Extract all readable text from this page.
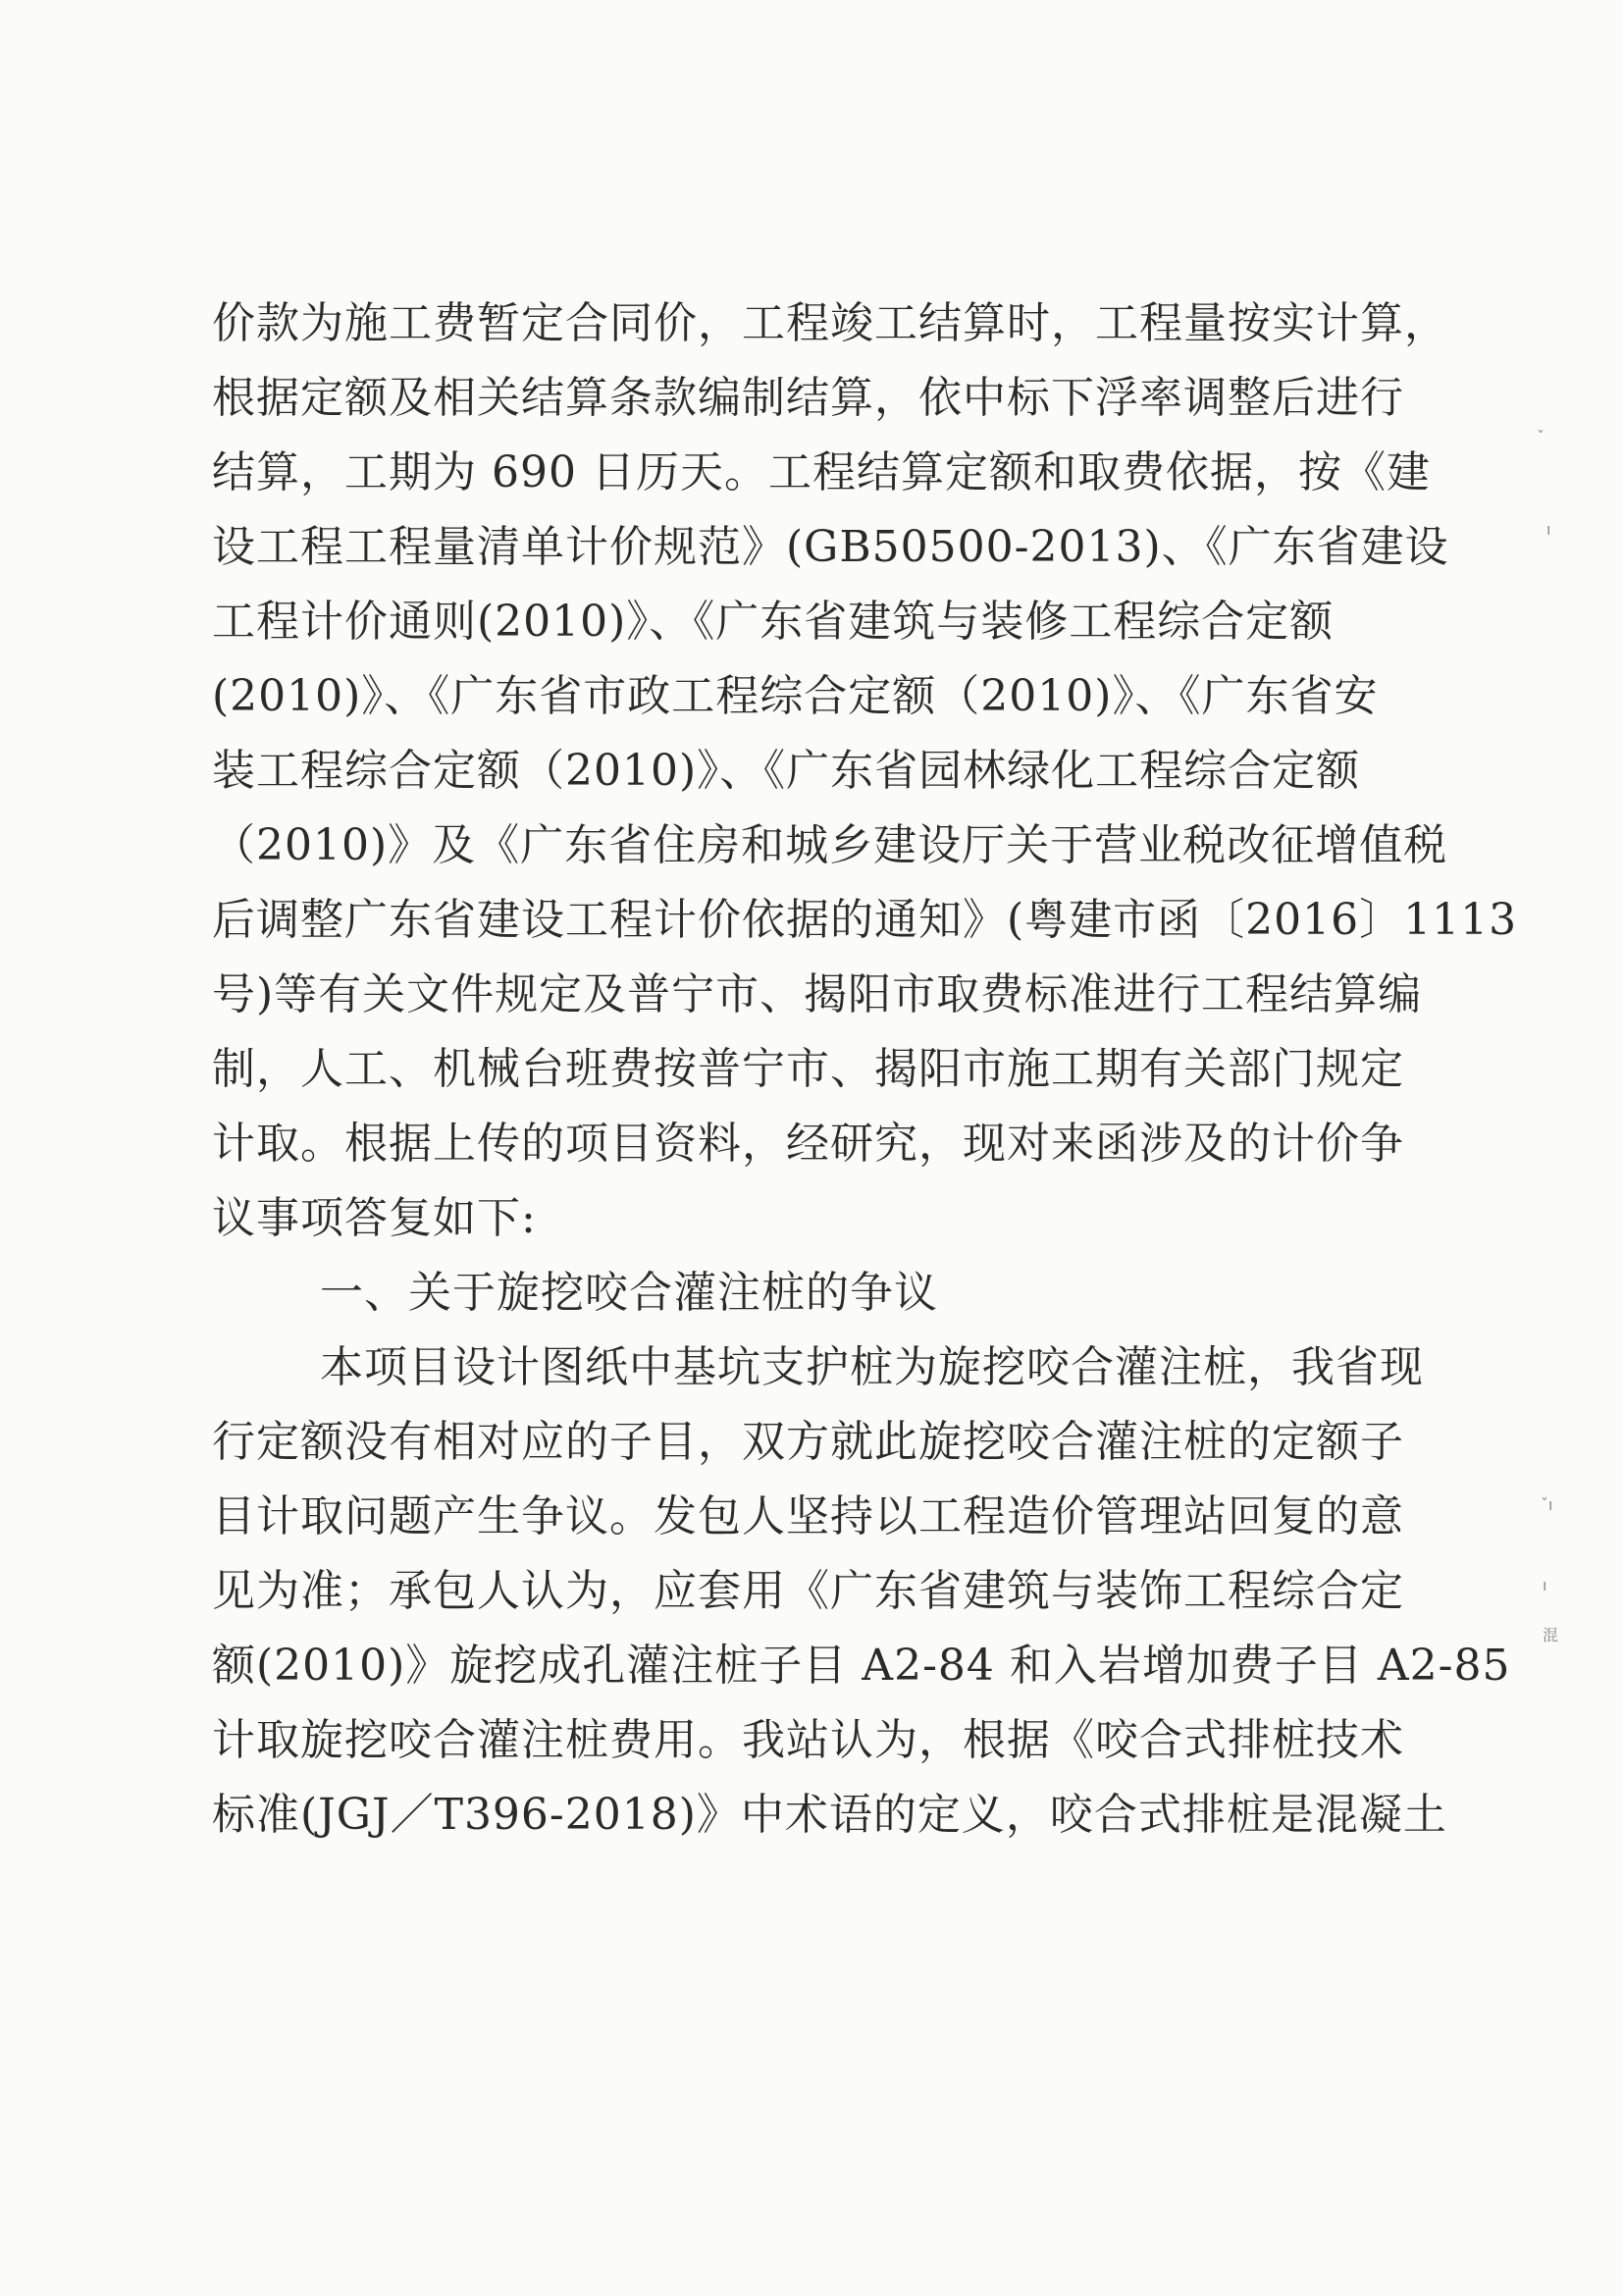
价款为施工费暂定合同价，工程竣工结算时，工程量按实计算，
根据定额及相关结算条款编制结算，依中标下浮率调整后进行
结算，工期为 690 日历天。工程结算定额和取费依据，按《建
设工程工程量清单计价规范》(GB50500-2013)、《广东省建设
工程计价通则(2010)》、《广东省建筑与装修工程综合定额
(2010)》、《广东省市政工程综合定额（2010)》、《广东省安
装工程综合定额（2010)》、《广东省园林绿化工程综合定额
（2010)》及《广东省住房和城乡建设厅关于营业税改征增值税
后调整广东省建设工程计价依据的通知》(粤建市函〔2016〕1113
号)等有关文件规定及普宁市、揭阳市取费标准进行工程结算编
制，人工、机械台班费按普宁市、揭阳市施工期有关部门规定
计取。根据上传的项目资料，经研究，现对来函涉及的计价争
议事项答复如下:
一、关于旋挖咬合灌注桩的争议
本项目设计图纸中基坑支护桩为旋挖咬合灌注桩，我省现
行定额没有相对应的子目，双方就此旋挖咬合灌注桩的定额子
目计取问题产生争议。发包人坚持以工程造价管理站回复的意
见为准；承包人认为，应套用《广东省建筑与装饰工程综合定
额(2010)》旋挖成孔灌注桩子目 A2-84 和入岩增加费子目 A2-85
计取旋挖咬合灌注桩费用。我站认为，根据《咬合式排桩技术
标准(JGJ／T396-2018)》中术语的定义，咬合式排桩是混凝土
ˇ
ı
ˇı
ı
混
